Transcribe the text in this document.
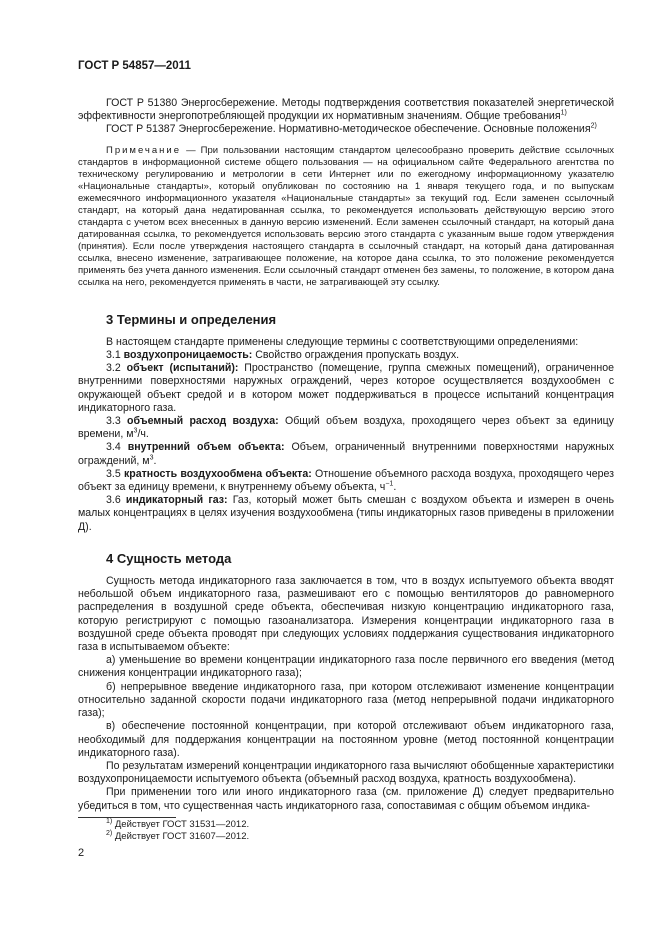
ГОСТ Р 54857—2011

ГОСТ Р 51380 Энергосбережение. Методы подтверждения соответствия показателей энергетической эффективности энергопотребляющей продукции их нормативным значениям. Общие требования$^{1)}$

ГОСТ Р 51387 Энергосбережение. Нормативно-методическое обеспечение. Основные положения$^{2)}$

Примечание — При пользовании настоящим стандартом целесообразно проверить действие ссылочных стандартов в информационной системе общего пользования — на официальном сайте Федерального агентства по техническому регулированию и метрологии в сети Интернет или по ежегодному информационному указателю «Национальные стандарты», который опубликован по состоянию на 1 января текущего года, и по выпускам ежемесячного информационного указателя «Национальные стандарты» за текущий год. Если заменен ссылочный стандарт, на который дана недатированная ссылка, то рекомендуется использовать действующую версию этого стандарта с учетом всех внесенных в данную версию изменений. Если заменен ссылочный стандарт, на который дана датированная ссылка, то рекомендуется использовать версию этого стандарта с указанным выше годом утверждения (принятия). Если после утверждения настоящего стандарта в ссылочный стандарт, на который дана датированная ссылка, внесено изменение, затрагивающее положение, на которое дана ссылка, то это положение рекомендуется применять без учета данного изменения. Если ссылочный стандарт отменен без замены, то положение, в котором дана ссылка на него, рекомендуется применять в части, не затрагивающей эту ссылку.

3 Термины и определения

В настоящем стандарте применены следующие термины с соответствующими определениями:

3.1 воздухопроницаемость: Свойство ограждения пропускать воздух.

3.2 объект (испытаний): Пространство (помещение, группа смежных помещений), ограниченное внутренними поверхностями наружных ограждений, через которое осуществляется воздухообмен с окружающей объект средой и в котором может поддерживаться в процессе испытаний концентрация индикаторного газа.

3.3 объемный расход воздуха: Общий объем воздуха, проходящего через объект за единицу времени, $м^3/ч$.

3.4 внутренний объем объекта: Объем, ограниченный внутренними поверхностями наружных ограждений, $м^3$.

3.5 кратность воздухообмена объекта: Отношение объемного расхода воздуха, проходящего через объект за единицу времени, к внутреннему объему объекта, $ч^{-1}$.

3.6 индикаторный газ: Газ, который может быть смешан с воздухом объекта и измерен в очень малых концентрациях в целях изучения воздухообмена (типы индикаторных газов приведены в приложении Д).

4 Сущность метода

Сущность метода индикаторного газа заключается в том, что в воздух испытуемого объекта вводят небольшой объем индикаторного газа, размешивают его с помощью вентиляторов до равномерного распределения в воздушной среде объекта, обеспечивая низкую концентрацию индикаторного газа, которую регистрируют с помощью газоанализатора. Измерения концентрации индикаторного газа в воздушной среде объекта проводят при следующих условиях поддержания существования индикаторного газа в испытываемом объекте:

а) уменьшение во времени концентрации индикаторного газа после первичного его введения (метод снижения концентрации индикаторного газа);

б) непрерывное введение индикаторного газа, при котором отслеживают изменение концентрации относительно заданной скорости подачи индикаторного газа (метод непрерывной подачи индикаторного газа);

в) обеспечение постоянной концентрации, при которой отслеживают объем индикаторного газа, необходимый для поддержания концентрации на постоянном уровне (метод постоянной концентрации индикаторного газа).

По результатам измерений концентрации индикаторного газа вычисляют обобщенные характеристики воздухопроницаемости испытуемого объекта (объемный расход воздуха, кратность воздухообмена).

При применении того или иного индикаторного газа (см. приложение Д) следует предварительно убедиться в том, что существенная часть индикаторного газа, сопоставимая с общим объемом индика-

$^{1)}$ Действует ГОСТ 31531—2012.
$^{2)}$ Действует ГОСТ 31607—2012.
2
